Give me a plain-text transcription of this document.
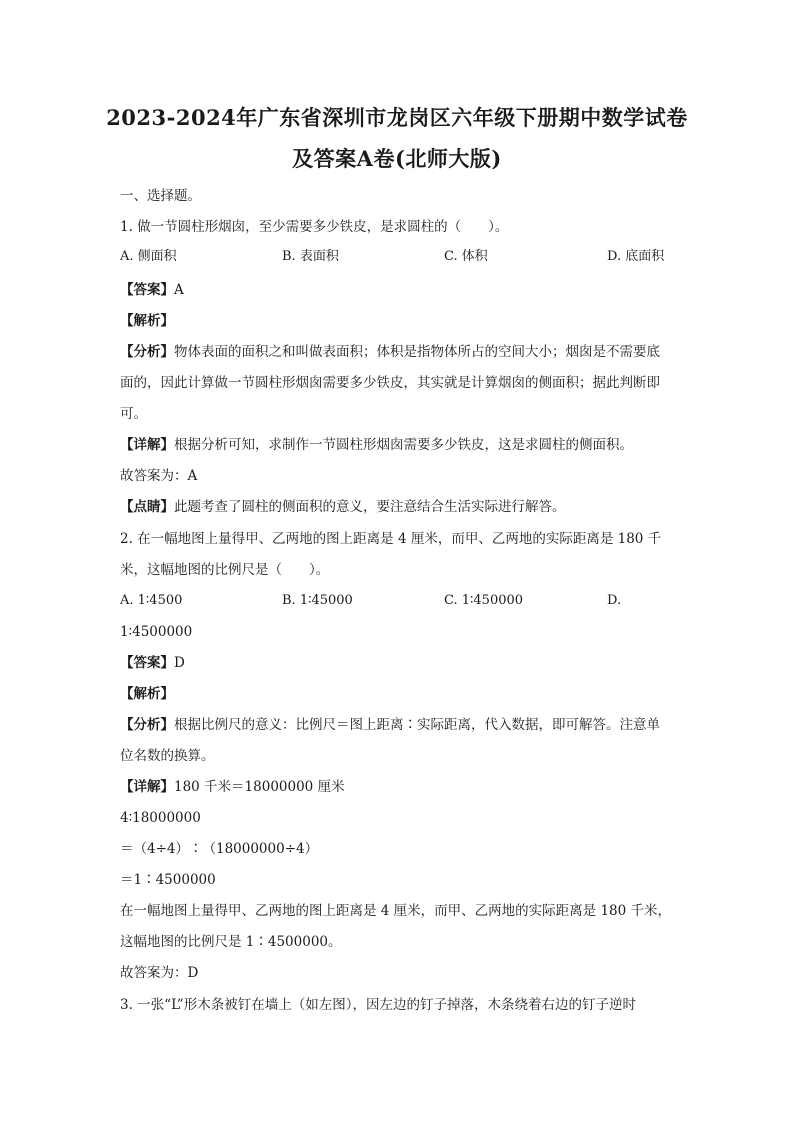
2023-2024年广东省深圳市龙岗区六年级下册期中数学试卷
及答案A卷(北师大版)
一、选择题。
1. 做一节圆柱形烟囱，至少需要多少铁皮，是求圆柱的（　　）。
A. 侧面积	B. 表面积	C. 体积	D. 底面积
【答案】A
【解析】
【分析】物体表面的面积之和叫做表面积；体积是指物体所占的空间大小；烟囱是不需要底
面的，因此计算做一节圆柱形烟囱需要多少铁皮，其实就是计算烟囱的侧面积；据此判断即
可。
【详解】根据分析可知，求制作一节圆柱形烟囱需要多少铁皮，这是求圆柱的侧面积。
故答案为：A
【点睛】此题考查了圆柱的侧面积的意义，要注意结合生活实际进行解答。
2. 在一幅地图上量得甲、乙两地的图上距离是 4 厘米，而甲、乙两地的实际距离是 180 千
米，这幅地图的比例尺是（　　）。
A. 1∶4500	B. 1∶45000	C. 1∶450000	D.
1∶4500000
【答案】D
【解析】
【分析】根据比例尺的意义：比例尺＝图上距离∶实际距离，代入数据，即可解答。注意单
位名数的换算。
【详解】180 千米＝18000000 厘米
4∶18000000
＝（4÷4）∶（18000000÷4）
＝1∶4500000
在一幅地图上量得甲、乙两地的图上距离是 4 厘米，而甲、乙两地的实际距离是 180 千米，
这幅地图的比例尺是 1∶4500000。
故答案为：D
3. 一张“L”形木条被钉在墙上（如左图），因左边的钉子掉落，木条绕着右边的钉子逆时
